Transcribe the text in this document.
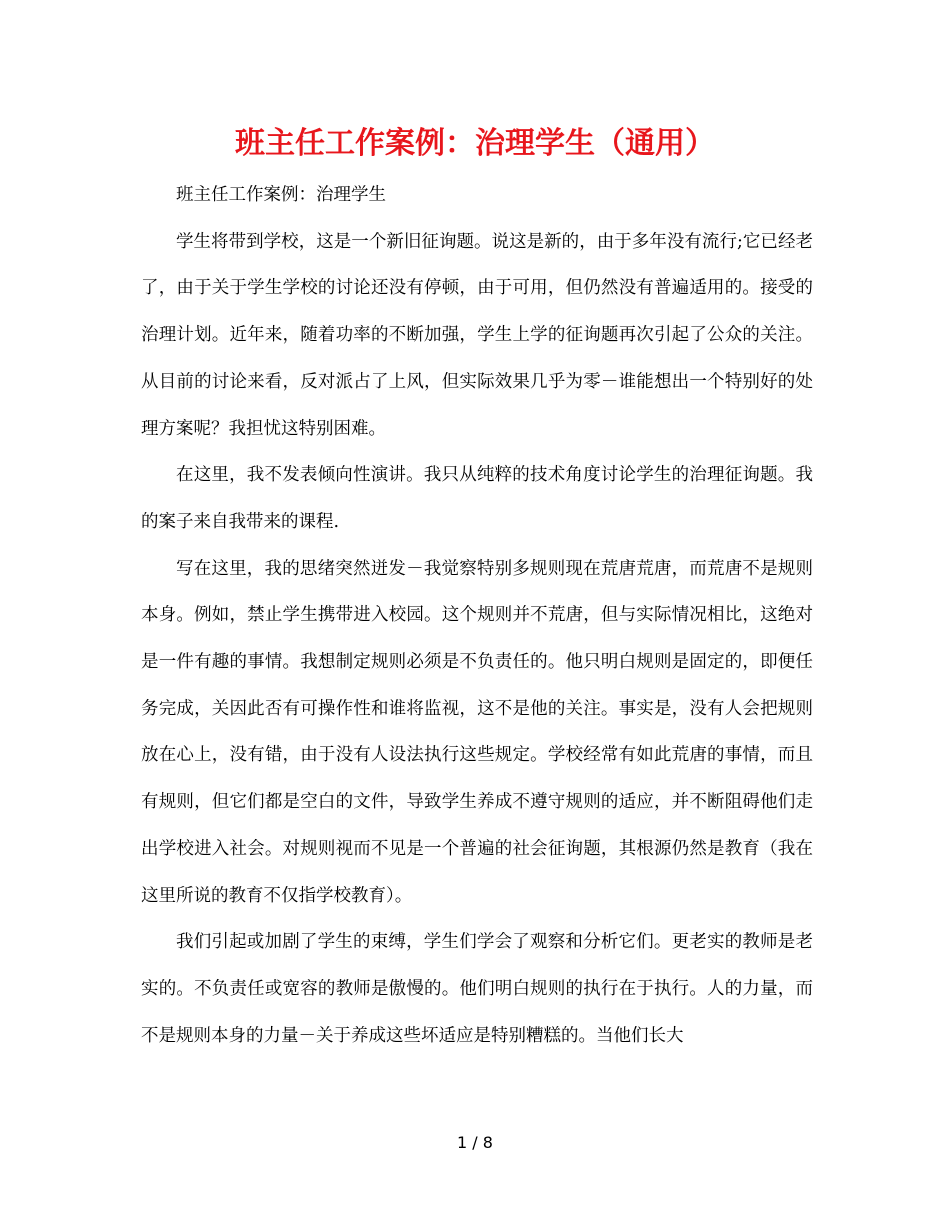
班主任工作案例：治理学生（通用）

班主任工作案例：治理学生

学生将带到学校，这是一个新旧征询题。说这是新的，由于多年没有流行;它已经老了，由于关于学生学校的讨论还没有停顿，由于可用，但仍然没有普遍适用的。接受的治理计划。近年来，随着功率的不断加强，学生上学的征询题再次引起了公众的关注。从目前的讨论来看，反对派占了上风，但实际效果几乎为零－谁能想出一个特别好的处理方案呢？我担忧这特别困难。

在这里，我不发表倾向性演讲。我只从纯粹的技术角度讨论学生的治理征询题。我的案子来自我带来的课程.

写在这里，我的思绪突然迸发－我觉察特别多规则现在荒唐荒唐，而荒唐不是规则本身。例如，禁止学生携带进入校园。这个规则并不荒唐，但与实际情况相比，这绝对是一件有趣的事情。我想制定规则必须是不负责任的。他只明白规则是固定的，即便任务完成，关因此否有可操作性和谁将监视，这不是他的关注。事实是，没有人会把规则放在心上，没有错，由于没有人设法执行这些规定。学校经常有如此荒唐的事情，而且有规则，但它们都是空白的文件，导致学生养成不遵守规则的适应，并不断阻碍他们走出学校进入社会。对规则视而不见是一个普遍的社会征询题，其根源仍然是教育（我在这里所说的教育不仅指学校教育）。

我们引起或加剧了学生的束缚，学生们学会了观察和分析它们。更老实的教师是老实的。不负责任或宽容的教师是傲慢的。他们明白规则的执行在于执行。人的力量，而不是规则本身的力量－关于养成这些坏适应是特别糟糕的。当他们长大

1 / 8
